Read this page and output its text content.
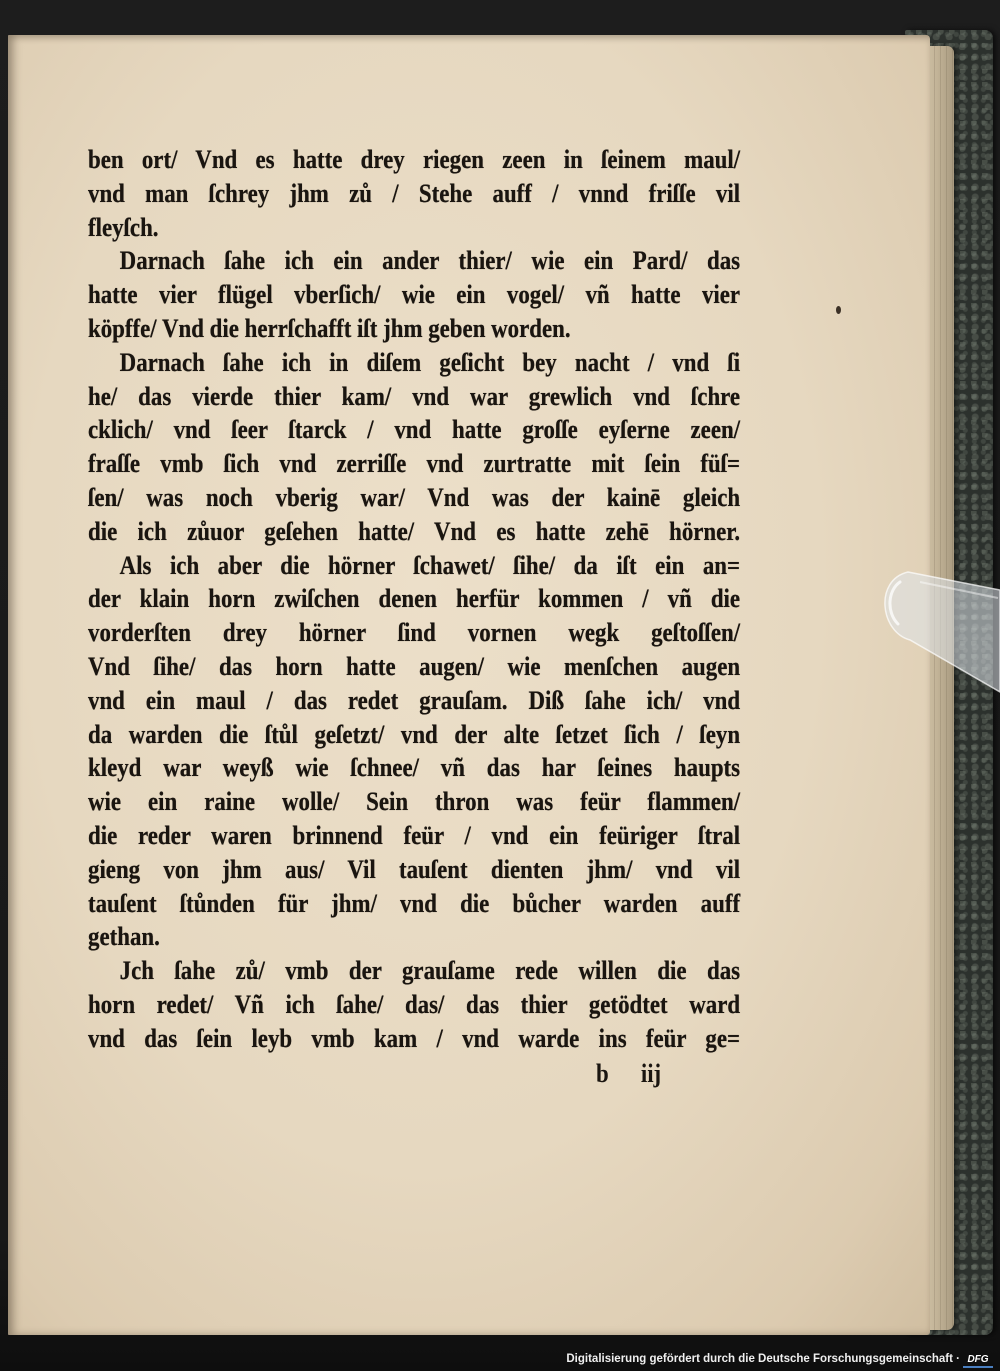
ben ort/ Vnd es hatte drey riegen zeen in ſeinem maul/
vnd man ſchrey jhm zů / Stehe auff / vnnd friſſe vil
fleyſch.
Darnach ſahe ich ein ander thier/ wie ein Pard/ das
hatte vier flügel vberſich/ wie ein vogel/ vñ hatte vier
köpffe/ Vnd die herrſchafft iſt jhm geben worden.
Darnach ſahe ich in diſem geſicht bey nacht / vnd ſi
he/ das vierde thier kam/ vnd war grewlich vnd ſchre
cklich/ vnd ſeer ſtarck / vnd hatte groſſe eyſerne zeen/
fraſſe vmb ſich vnd zerriſſe vnd zurtratte mit ſein füſ=
ſen/ was noch vberig war/ Vnd was der kainē gleich
die ich zůuor geſehen hatte/ Vnd es hatte zehē hörner.
Als ich aber die hörner ſchawet/ ſihe/ da iſt ein an=
der klain horn zwiſchen denen herfür kommen / vñ die
vorderſten drey hörner ſind vornen wegk geſtoſſen/
Vnd ſihe/ das horn hatte augen/ wie menſchen augen
vnd ein maul / das redet grauſam. Diß ſahe ich/ vnd
da warden die ſtůl geſetzt/ vnd der alte ſetzet ſich / ſeyn
kleyd war weyß wie ſchnee/ vñ das har ſeines haupts
wie ein raine wolle/ Sein thron was feür flammen/
die reder waren brinnend feür / vnd ein feüriger ſtral
gieng von jhm aus/ Vil tauſent dienten jhm/ vnd vil
tauſent ſtůnden für jhm/ vnd die bůcher warden auff
gethan.
Jch ſahe zů/ vmb der grauſame rede willen die das
horn redet/ Vñ ich ſahe/ das/ das thier getödtet ward
vnd das ſein leyb vmb kam / vnd warde ins feür ge=
b iij
Digitalisierung gefördert durch die Deutsche Forschungsgemeinschaft · DFG
